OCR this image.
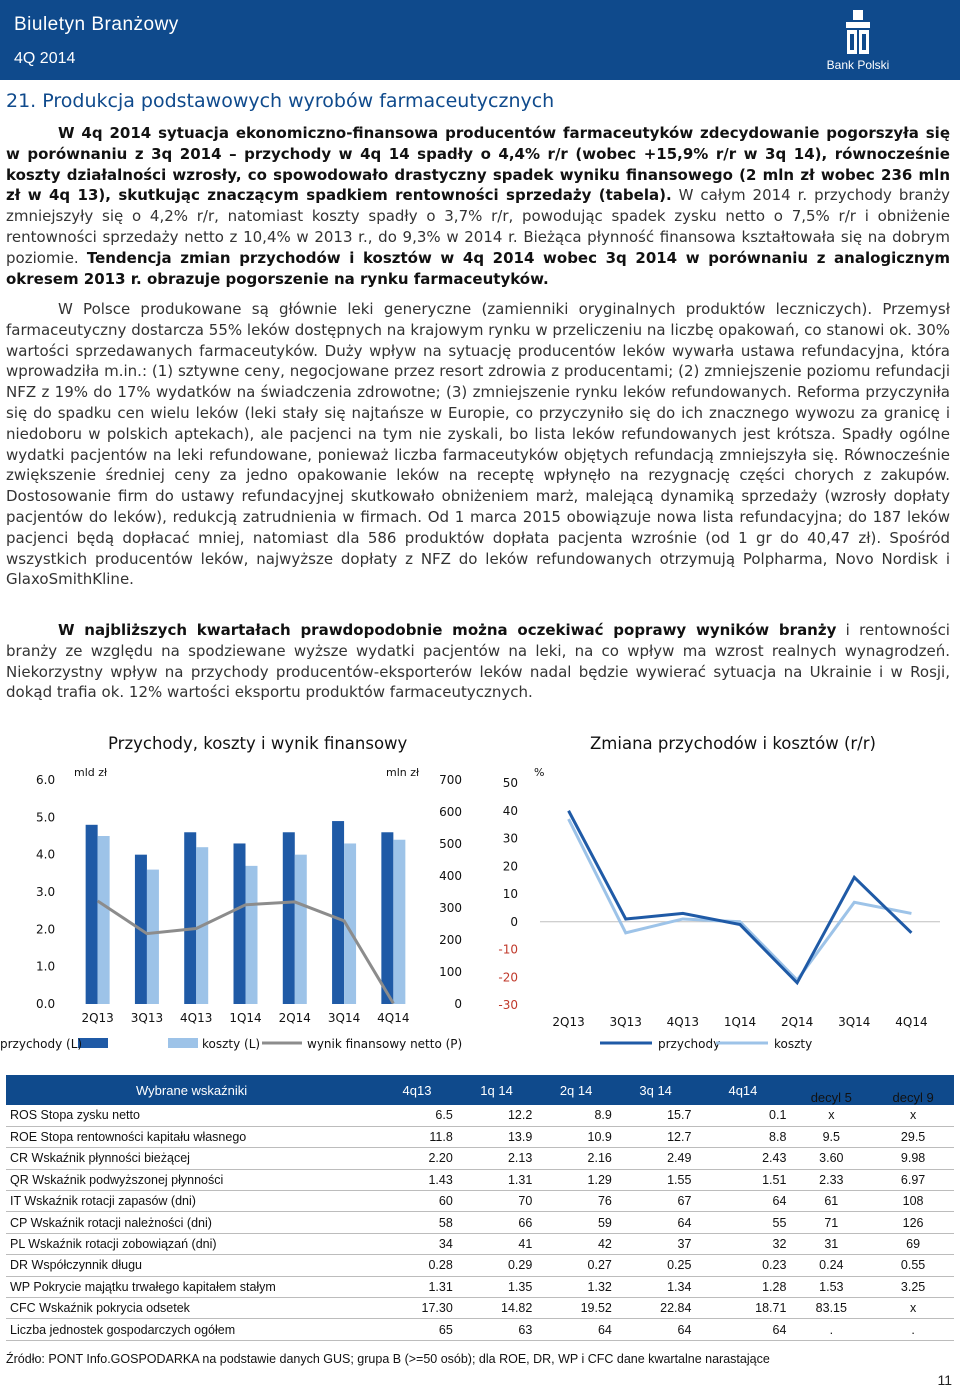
Biuletyn Branżowy
4Q 2014	Bank Polski
21. Produkcja podstawowych wyrobów farmaceutycznych
W 4q 2014 sytuacja ekonomiczno-finansowa producentów farmaceutyków zdecydowanie pogorszyła się w porównaniu z 3q 2014 – przychody w 4q 14 spadły o 4,4% r/r (wobec +15,9% r/r w 3q 14), równocześnie koszty działalności wzrosły, co spowodowało drastyczny spadek wyniku finansowego (2 mln zł wobec 236 mln zł w 4q 13), skutkując znaczącym spadkiem rentowności sprzedaży (tabela). W całym 2014 r. przychody branży zmniejszyły się o 4,2% r/r, natomiast koszty spadły o 3,7% r/r, powodując spadek zysku netto o 7,5% r/r i obniżenie rentowności sprzedaży netto z 10,4% w 2013 r., do 9,3% w 2014 r. Bieżąca płynność finansowa kształtowała się na dobrym poziomie. Tendencja zmian przychodów i kosztów w 4q 2014 wobec 3q 2014 w porównaniu z analogicznym okresem 2013 r. obrazuje pogorszenie na rynku farmaceutyków.
W Polsce produkowane są głównie leki generyczne (zamienniki oryginalnych produktów leczniczych). Przemysł farmaceutyczny dostarcza 55% leków dostępnych na krajowym rynku w przeliczeniu na liczbę opakowań, co stanowi ok. 30% wartości sprzedawanych farmaceutyków. Duży wpływ na sytuację producentów leków wywarła ustawa refundacyjna, która wprowadziła m.in.: (1) sztywne ceny, negocjowane przez resort zdrowia z producentami; (2) zmniejszenie poziomu refundacji NFZ z 19% do 17% wydatków na świadczenia zdrowotne; (3) zmniejszenie rynku leków refundowanych. Reforma przyczyniła się do spadku cen wielu leków (leki stały się najtańsze w Europie, co przyczyniło się do ich znacznego wywozu za granicę i niedoboru w polskich aptekach), ale pacjenci na tym nie zyskali, bo lista leków refundowanych jest krótsza. Spadły ogólne wydatki pacjentów na leki refundowane, ponieważ liczba farmaceutyków objętych refundacją zmniejszyła się. Równocześnie zwiększenie średniej ceny za jedno opakowanie leków na receptę wpłynęło na rezygnację części chorych z zakupów. Dostosowanie firm do ustawy refundacyjnej skutkowało obniżeniem marż, malejącą dynamiką sprzedaży (wzrosły dopłaty pacjentów do leków), redukcją zatrudnienia w firmach. Od 1 marca 2015 obowiązuje nowa lista refundacyjna; do 187 leków pacjenci będą dopłacać mniej, natomiast dla 586 produktów dopłata pacjenta wzrośnie (od 1 gr do 40,47 zł). Spośród wszystkich producentów leków, najwyższe dopłaty z NFZ do leków refundowanych otrzymują Polpharma, Novo Nordisk i GlaxoSmithKline.
W najbliższych kwartałach prawdopodobnie można oczekiwać poprawy wyników branży i rentowności branży ze względu na spodziewane wyższe wydatki pacjentów na leki, na co wpływ ma wzrost realnych wynagrodzeń. Niekorzystny wpływ na przychody producentów-eksporterów leków nadal będzie wywierać sytuacja na Ukrainie i w Rosji, dokąd trafia ok. 12% wartości eksportu produktów farmaceutycznych.
Przychody, koszty i wynik finansowy
mld zł	mln zł
6.0
5.0
4.0
3.0
2.0
1.0
0.0
700
600
500
400
300
200
100
0
2Q13 3Q13 4Q13 1Q14 2Q14 3Q14 4Q14
przychody (L)	koszty (L)	wynik finansowy netto (P)
Zmiana przychodów i kosztów (r/r)
%
50
40
30
20
10
0
-10
-20
-30
2Q13 3Q13 4Q13 1Q14 2Q14 3Q14 4Q14
przychody	koszty
Wybrane wskaźniki	4q13	1q 14	2q 14	3q 14	4q14	decyl 5	decyl 9
ROS Stopa zysku netto	6.5	12.2	8.9	15.7	0.1	x	x
ROE Stopa rentowności kapitału własnego	11.8	13.9	10.9	12.7	8.8	9.5	29.5
CR Wskaźnik płynności bieżącej	2.20	2.13	2.16	2.49	2.43	3.60	9.98
QR Wskaźnik podwyższonej płynności	1.43	1.31	1.29	1.55	1.51	2.33	6.97
IT Wskaźnik rotacji zapasów (dni)	60	70	76	67	64	61	108
CP Wskaźnik rotacji należności (dni)	58	66	59	64	55	71	126
PL Wskaźnik rotacji zobowiązań (dni)	34	41	42	37	32	31	69
DR Współczynnik długu	0.28	0.29	0.27	0.25	0.23	0.24	0.55
WP Pokrycie majątku trwałego kapitałem stałym	1.31	1.35	1.32	1.34	1.28	1.53	3.25
CFC Wskaźnik pokrycia odsetek	17.30	14.82	19.52	22.84	18.71	83.15	x
Liczba jednostek gospodarczych ogółem	65	63	64	64	64	.	.
Źródło: PONT Info.GOSPODARKA na podstawie danych GUS; grupa B (>=50 osób); dla ROE, DR, WP i CFC dane kwartalne narastające
11
